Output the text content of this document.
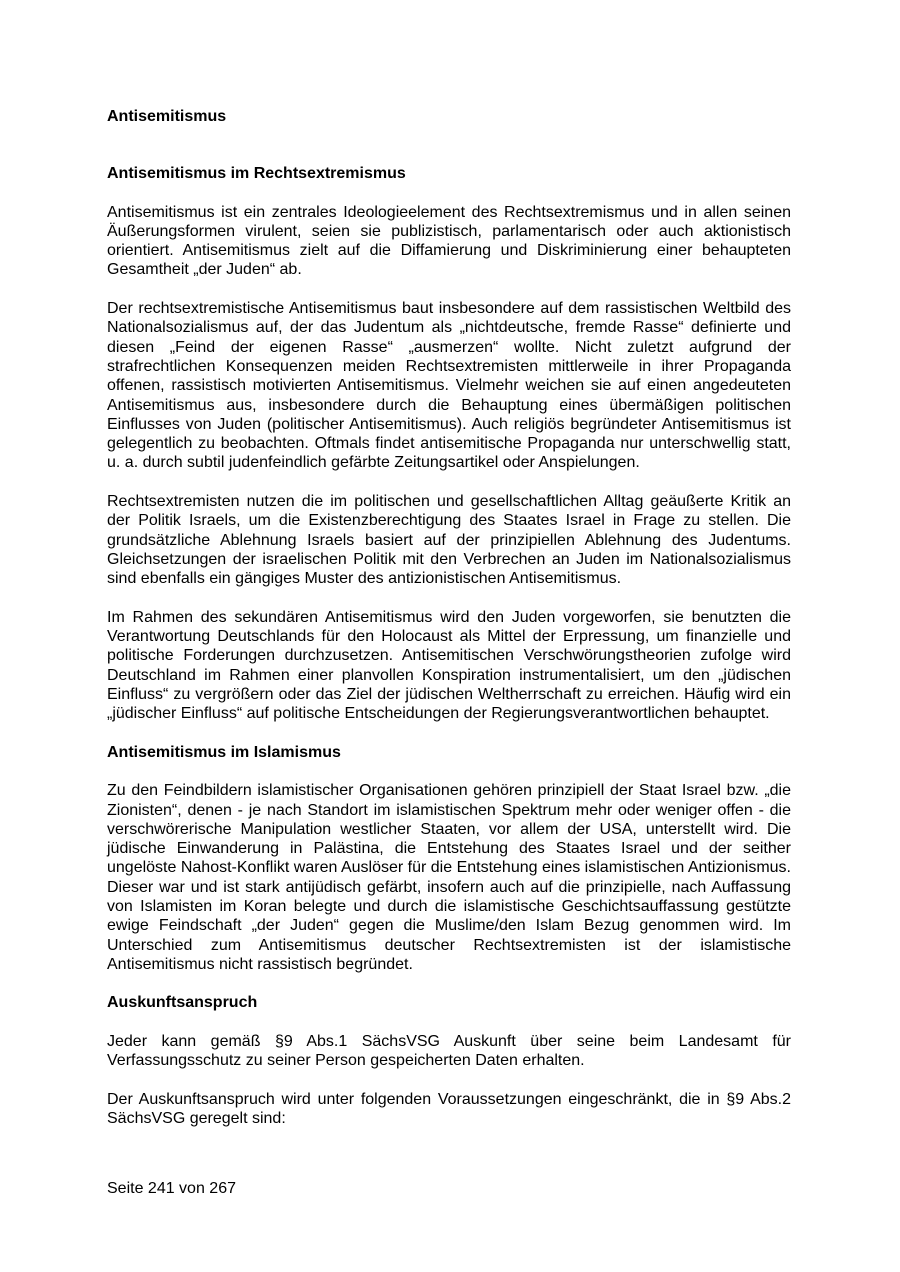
Antisemitismus
Antisemitismus im Rechtsextremismus

Antisemitismus ist ein zentrales Ideologieelement des Rechtsextremismus und in allen seinen Äußerungsformen virulent, seien sie publizistisch, parlamentarisch oder auch aktionistisch orientiert. Antisemitismus zielt auf die Diffamierung und Diskriminierung einer behaupteten Gesamtheit „der Juden“ ab.

Der rechtsextremistische Antisemitismus baut insbesondere auf dem rassistischen Weltbild des Nationalsozialismus auf, der das Judentum als „nichtdeutsche, fremde Rasse“ definierte und diesen „Feind der eigenen Rasse“ „ausmerzen“ wollte. Nicht zuletzt aufgrund der strafrechtlichen Konsequenzen meiden Rechtsextremisten mittlerweile in ihrer Propaganda offenen, rassistisch motivierten Antisemitismus. Vielmehr weichen sie auf einen angedeuteten Antisemitismus aus, insbesondere durch die Behauptung eines übermäßigen politischen Einflusses von Juden (politischer Antisemitismus). Auch religiös begründeter Antisemitismus ist gelegentlich zu beobachten. Oftmals findet antisemitische Propaganda nur unterschwellig statt, u. a. durch subtil judenfeindlich gefärbte Zeitungsartikel oder Anspielungen.

Rechtsextremisten nutzen die im politischen und gesellschaftlichen Alltag geäußerte Kritik an der Politik Israels, um die Existenzberechtigung des Staates Israel in Frage zu stellen. Die grundsätzliche Ablehnung Israels basiert auf der prinzipiellen Ablehnung des Judentums. Gleichsetzungen der israelischen Politik mit den Verbrechen an Juden im Nationalsozialismus sind ebenfalls ein gängiges Muster des antizionistischen Antisemitismus.

Im Rahmen des sekundären Antisemitismus wird den Juden vorgeworfen, sie benutzten die Verantwortung Deutschlands für den Holocaust als Mittel der Erpressung, um finanzielle und politische Forderungen durchzusetzen. Antisemitischen Verschwörungstheorien zufolge wird Deutschland im Rahmen einer planvollen Konspiration instrumentalisiert, um den „jüdischen Einfluss“ zu vergrößern oder das Ziel der jüdischen Weltherrschaft zu erreichen. Häufig wird ein „jüdischer Einfluss“ auf politische Entscheidungen der Regierungsverantwortlichen behauptet.

Antisemitismus im Islamismus

Zu den Feindbildern islamistischer Organisationen gehören prinzipiell der Staat Israel bzw. „die Zionisten“, denen - je nach Standort im islamistischen Spektrum mehr oder weniger offen - die verschwörerische Manipulation westlicher Staaten, vor allem der USA, unterstellt wird. Die jüdische Einwanderung in Palästina, die Entstehung des Staates Israel und der seither ungelöste Nahost-Konflikt waren Auslöser für die Entstehung eines islamistischen Antizionismus. Dieser war und ist stark antijüdisch gefärbt, insofern auch auf die prinzipielle, nach Auffassung von Islamisten im Koran belegte und durch die islamistische Geschichtsauffassung gestützte ewige Feindschaft „der Juden“ gegen die Muslime/den Islam Bezug genommen wird. Im Unterschied zum Antisemitismus deutscher Rechtsextremisten ist der islamistische Antisemitismus nicht rassistisch begründet.

Auskunftsanspruch

Jeder kann gemäß §9 Abs.1 SächsVSG Auskunft über seine beim Landesamt für Verfassungsschutz zu seiner Person gespeicherten Daten erhalten.

Der Auskunftsanspruch wird unter folgenden Voraussetzungen eingeschränkt, die in §9 Abs.2 SächsVSG geregelt sind:

Seite 241 von 267
